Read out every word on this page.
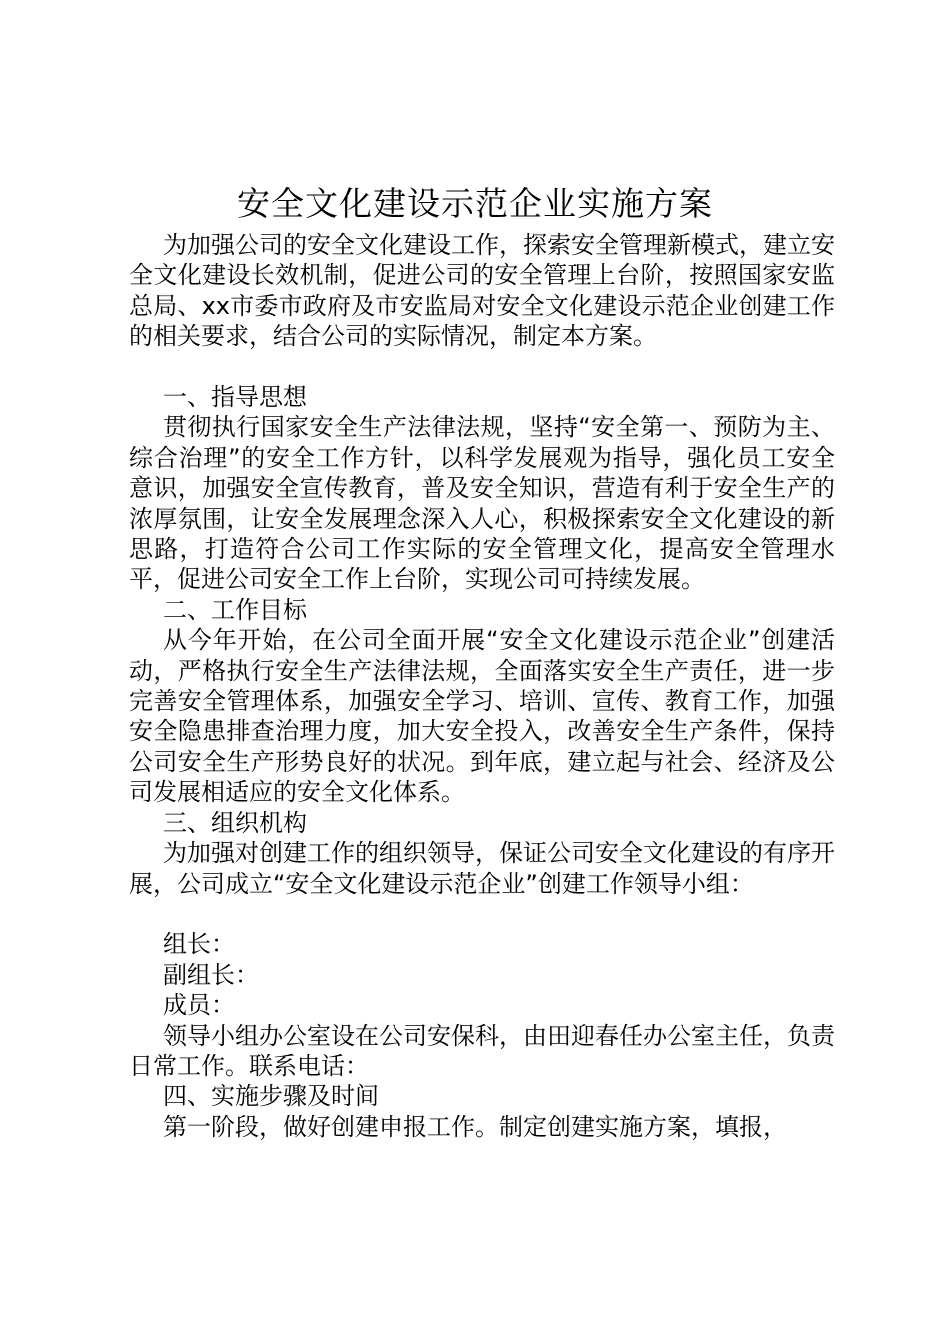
安全文化建设示范企业实施方案

为加强公司的安全文化建设工作，探索安全管理新模式，建立安全文化建设长效机制，促进公司的安全管理上台阶，按照国家安监总局、xx市委市政府及市安监局对安全文化建设示范企业创建工作的相关要求，结合公司的实际情况，制定本方案。

一、指导思想

贯彻执行国家安全生产法律法规，坚持“安全第一、预防为主、综合治理”的安全工作方针，以科学发展观为指导，强化员工安全意识，加强安全宣传教育，普及安全知识，营造有利于安全生产的浓厚氛围，让安全发展理念深入人心，积极探索安全文化建设的新思路，打造符合公司工作实际的安全管理文化，提高安全管理水平，促进公司安全工作上台阶，实现公司可持续发展。

二、工作目标

从今年开始，在公司全面开展“安全文化建设示范企业”创建活动，严格执行安全生产法律法规，全面落实安全生产责任，进一步完善安全管理体系，加强安全学习、培训、宣传、教育工作，加强安全隐患排查治理力度，加大安全投入，改善安全生产条件，保持公司安全生产形势良好的状况。到年底，建立起与社会、经济及公司发展相适应的安全文化体系。

三、组织机构

为加强对创建工作的组织领导，保证公司安全文化建设的有序开展，公司成立“安全文化建设示范企业”创建工作领导小组：

组长：

副组长：

成员：

领导小组办公室设在公司安保科，由田迎春任办公室主任，负责日常工作。联系电话：

四、实施步骤及时间

第一阶段，做好创建申报工作。制定创建实施方案，填报，
